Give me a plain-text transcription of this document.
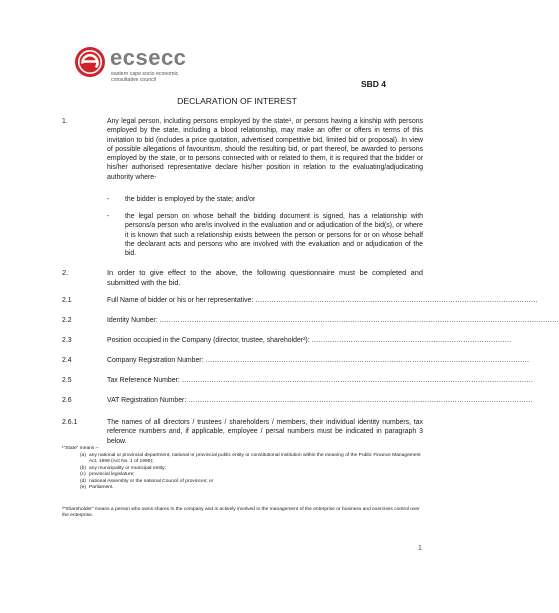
ecsecc
eastern cape socio economic
consultative council	SBD 4
DECLARATION OF INTEREST
1.	Any legal person, including persons employed by the state¹, or persons having a kinship with persons employed by the state, including a blood relationship, may make an offer or offers in terms of this invitation to bid (includes a price quotation, advertised competitive bid, limited bid or proposal). In view of possible allegations of favouritism, should the resulting bid, or part thereof, be awarded to persons employed by the state, or to persons connected with or related to them, it is required that the bidder or his/her authorised representative declare his/her position in relation to the evaluating/adjudicating authority where-
- the bidder is employed by the state; and/or
- the legal person on whose behalf the bidding document is signed, has a relationship with persons/a person who are/is involved in the evaluation and or adjudication of the bid(s), or where it is known that such a relationship exists between the person or persons for or on whose behalf the declarant acts and persons who are involved with the evaluation and or adjudication of the bid.
2.	In order to give effect to the above, the following questionnaire must be completed and submitted with the bid.
2.1	Full Name of bidder or his or her representative: ……………………………………………………………………………………………………………
2.2	Identity Number: …………………………………………………………………………………………………………………………………………………………
2.3	Position occupied in the Company (director, trustee, shareholder²): ……………………………………………………………………………
2.4	Company Registration Number: ……………………………………………………………………………………………………………………………
2.5	Tax Reference Number: ………………………………………………………………………………………………………………………………………
2.6	VAT Registration Number: ……………………………………………………………………………………………………………………………………
2.6.1	The names of all directors / trustees / shareholders / members, their individual identity numbers, tax reference numbers and, if applicable, employee / persal numbers must be indicated in paragraph 3 below.
¹“State” means –
(a) any national or provincial department, national or provincial public entity or constitutional institution within the meaning of the Public Finance Management Act, 1999 (Act No. 1 of 1999);
(b) any municipality or municipal entity;
(c) provincial legislature;
(d) national Assembly or the national Council of provinces; or
(e) Parliament.
²”Shareholder” means a person who owns shares in the company and is actively involved in the management of the enterprise or business and exercises control over the enterprise.
1
